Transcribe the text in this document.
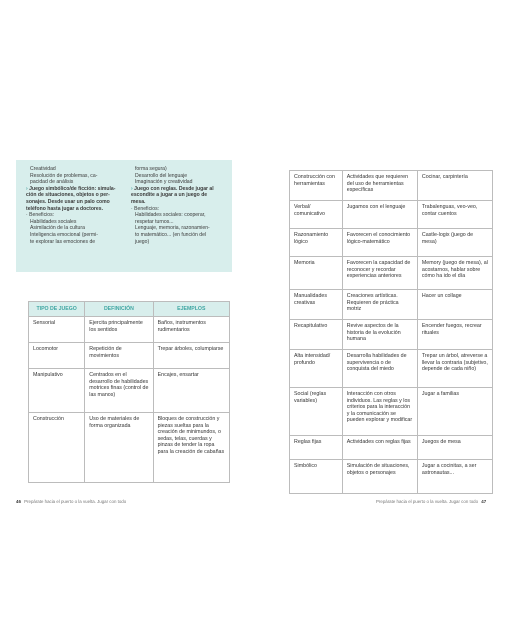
Creatividad

Resolución de problemas, ca-

pacidad de análisis

› Juego simbólico/de ficción: simula-

ción de situaciones, objetos o per-

sonajes. Desde usar un palo como

teléfono hasta jugar a doctores.

· Beneficios:

Habilidades sociales

Asimilación de la cultura

Inteligencia emocional (permi-

te explorar las emociones de

forma segura)

Desarrollo del lenguaje

Imaginación y creatividad

› Juego con reglas. Desde jugar al

escondite a jugar a un juego de

mesa.

· Beneficios:

Habilidades sociales: cooperar,

respetar turnos...

Lenguaje, memoria, razonamien-

to matemático... (en función del

juego)

TIPO DE JUEGO	DEFINICIÓN	EJEMPLOS
Sensorial	Ejercita principalmente los sentidos	Baños, instrumentos rudimentarios
Locomotor	Repetición de movimientos	Trepar árboles, columpiarse
Manipulativo	Centrados en el desarrollo de habilidades motrices finas (control de las manos)	Encajes, ensartar
Construcción	Uso de materiales de forma organizada	Bloques de construcción y piezas sueltas para la creación de minimundos, o sedas, telas, cuerdas y pinzas de tender la ropa para la creación de cabañas
Construcción con herramientas	Actividades que requieren del uso de herramientas específicas	Cocinar, carpintería
Verbal/ comunicativo	Jugamos con el lenguaje	Trabalenguas, veo-veo, contar cuentos
Razonamiento lógico	Favorecen el conocimiento lógico-matemático	Castle-logix (juego de mesa)
Memoria	Favorecen la capacidad de reconocer y recordar experiencias anteriores	Memory (juego de mesa), al acostarnos, hablar sobre cómo ha ido el día
Manualidades creativas	Creaciones artísticas. Requieren de práctica motriz	Hacer un collage
Recapitulativo	Revive aspectos de la historia de la evolución humana	Encender fuegos, recrear rituales
Alta intensidad/ profundo	Desarrolla habilidades de supervivencia o de conquista del miedo	Trepar un árbol, atreverse a llevar la contraria (subjetivo, depende de cada niño)
Social (reglas variables)	Interacción con otros individuos. Las reglas y los criterios para la interacción y la comunicación se pueden explorar y modificar	Jugar a familias
Reglas fijas	Actividades con reglas fijas	Juegos de mesa
Simbólico	Simulación de situaciones, objetos o personajes	Jugar a cocinitas, a ser astronautas...
46 Prepárate hacia el puerto o la vuelta. Jugar con todo	Prepárate hacia el puerto o la vuelta. Jugar con todo 47
